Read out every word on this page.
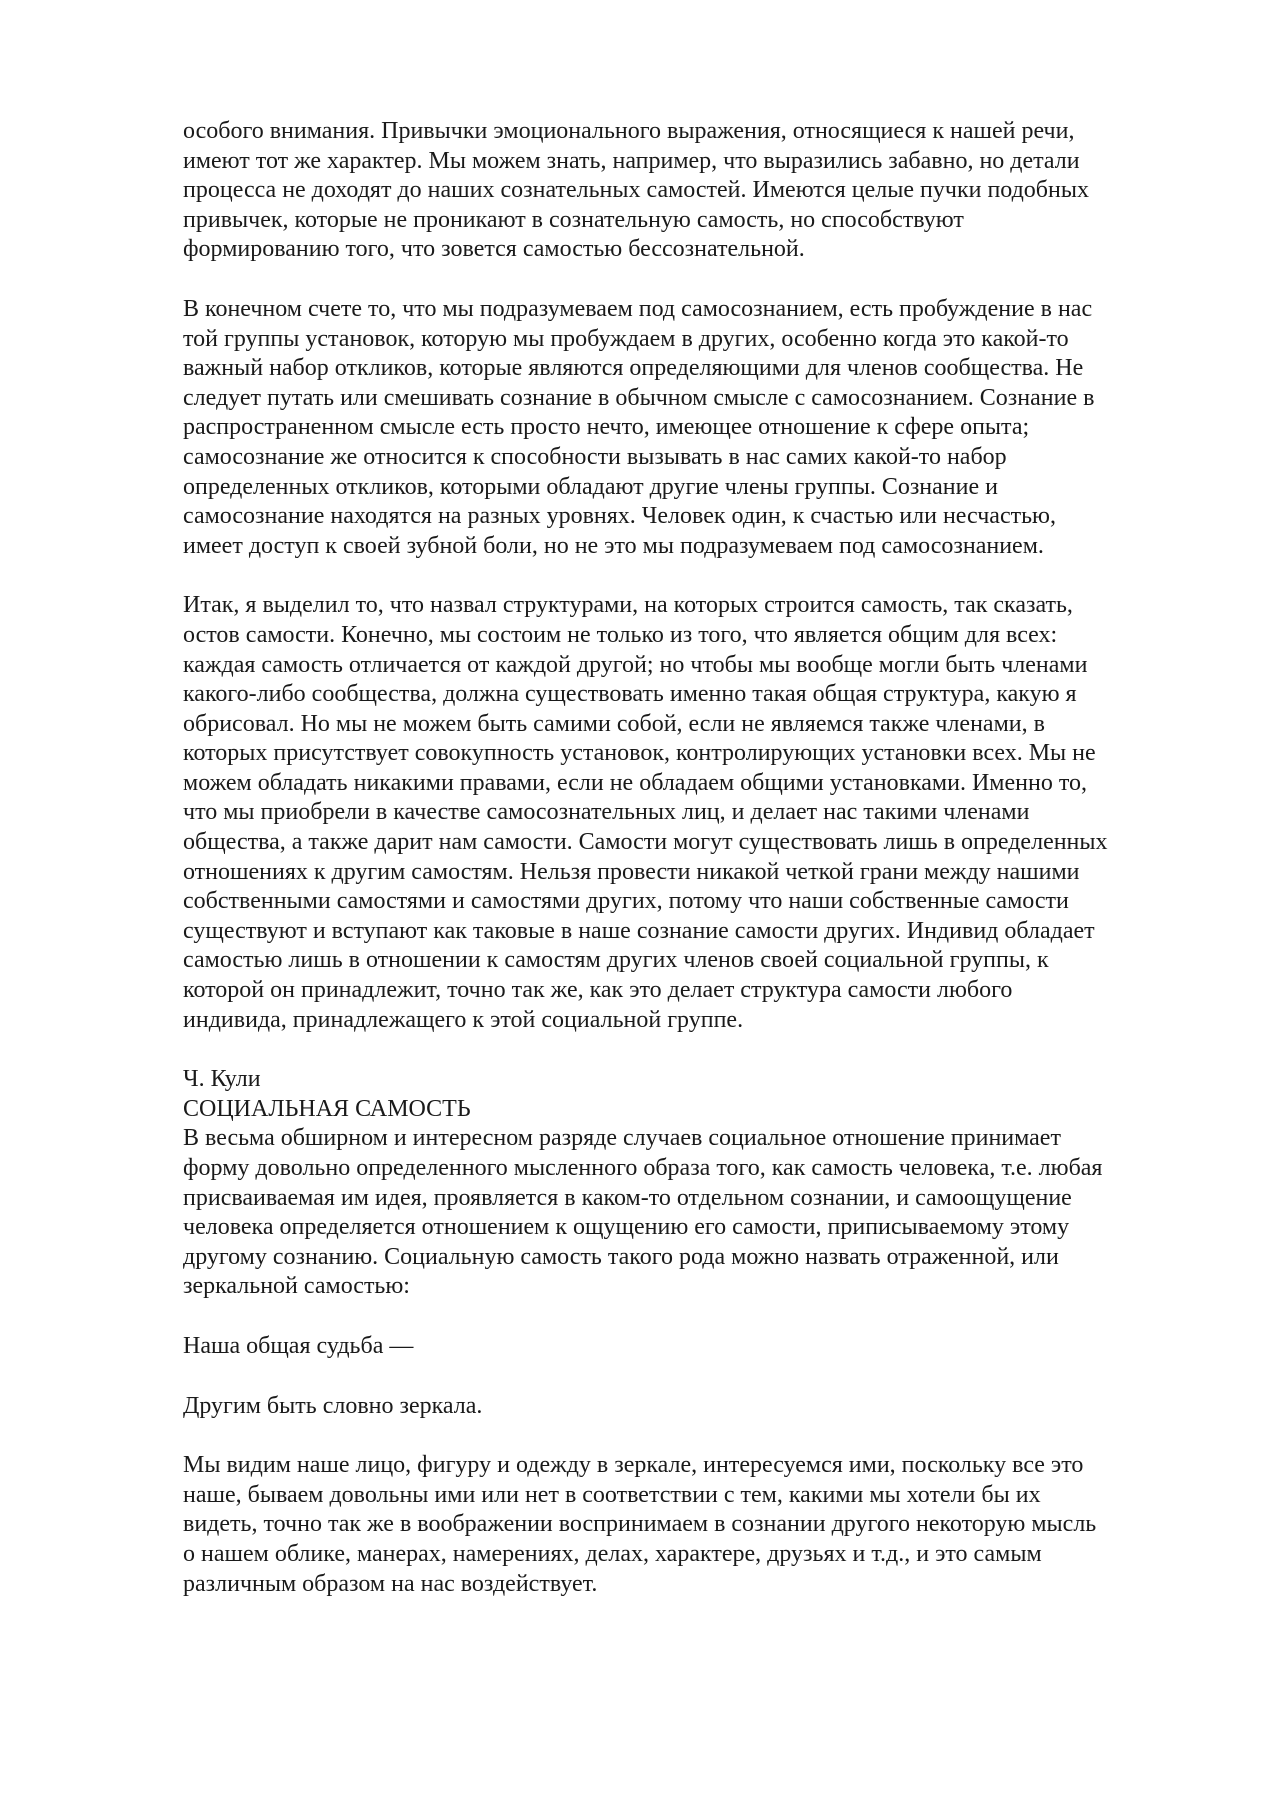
особого внимания. Привычки эмоционального выражения, относящиеся к нашей речи,
имеют тот же характер. Мы можем знать, например, что выразились забавно, но детали
процесса не доходят до наших сознательных самостей. Имеются целые пучки подобных
привычек, которые не проникают в сознательную самость, но способствуют
формированию того, что зовется самостью бессознательной.
В конечном счете то, что мы подразумеваем под самосознанием, есть пробуждение в нас
той группы установок, которую мы пробуждаем в других, особенно когда это какой-то
важный набор откликов, которые являются определяющими для членов сообщества. Не
следует путать или смешивать сознание в обычном смысле с самосознанием. Сознание в
распространенном смысле есть просто нечто, имеющее отношение к сфере опыта;
самосознание же относится к способности вызывать в нас самих какой-то набор
определенных откликов, которыми обладают другие члены группы. Сознание и
самосознание находятся на разных уровнях. Человек один, к счастью или несчастью,
имеет доступ к своей зубной боли, но не это мы подразумеваем под самосознанием.
Итак, я выделил то, что назвал структурами, на которых строится самость, так сказать,
остов самости. Конечно, мы состоим не только из того, что является общим для всех:
каждая самость отличается от каждой другой; но чтобы мы вообще могли быть членами
какого-либо сообщества, должна существовать именно такая общая структура, какую я
обрисовал. Но мы не можем быть самими собой, если не являемся также членами, в
которых присутствует совокупность установок, контролирующих установки всех. Мы не
можем обладать никакими правами, если не обладаем общими установками. Именно то,
что мы приобрели в качестве самосознательных лиц, и делает нас такими членами
общества, а также дарит нам самости. Самости могут существовать лишь в определенных
отношениях к другим самостям. Нельзя провести никакой четкой грани между нашими
собственными самостями и самостями других, потому что наши собственные самости
существуют и вступают как таковые в наше сознание самости других. Индивид обладает
самостью лишь в отношении к самостям других членов своей социальной группы, к
которой он принадлежит, точно так же, как это делает структура самости любого
индивида, принадлежащего к этой социальной группе.
Ч. Кули
СОЦИАЛЬНАЯ САМОСТЬ
В весьма обширном и интересном разряде случаев социальное отношение принимает
форму довольно определенного мысленного образа того, как самость человека, т.е. любая
присваиваемая им идея, проявляется в каком-то отдельном сознании, и самоощущение
человека определяется отношением к ощущению его самости, приписываемому этому
другому сознанию. Социальную самость такого рода можно назвать отраженной, или
зеркальной самостью:
Наша общая судьба —
Другим быть словно зеркала.
Мы видим наше лицо, фигуру и одежду в зеркале, интересуемся ими, поскольку все это
наше, бываем довольны ими или нет в соответствии с тем, какими мы хотели бы их
видеть, точно так же в воображении воспринимаем в сознании другого некоторую мысль
о нашем облике, манерах, намерениях, делах, характере, друзьях и т.д., и это самым
различным образом на нас воздействует.
